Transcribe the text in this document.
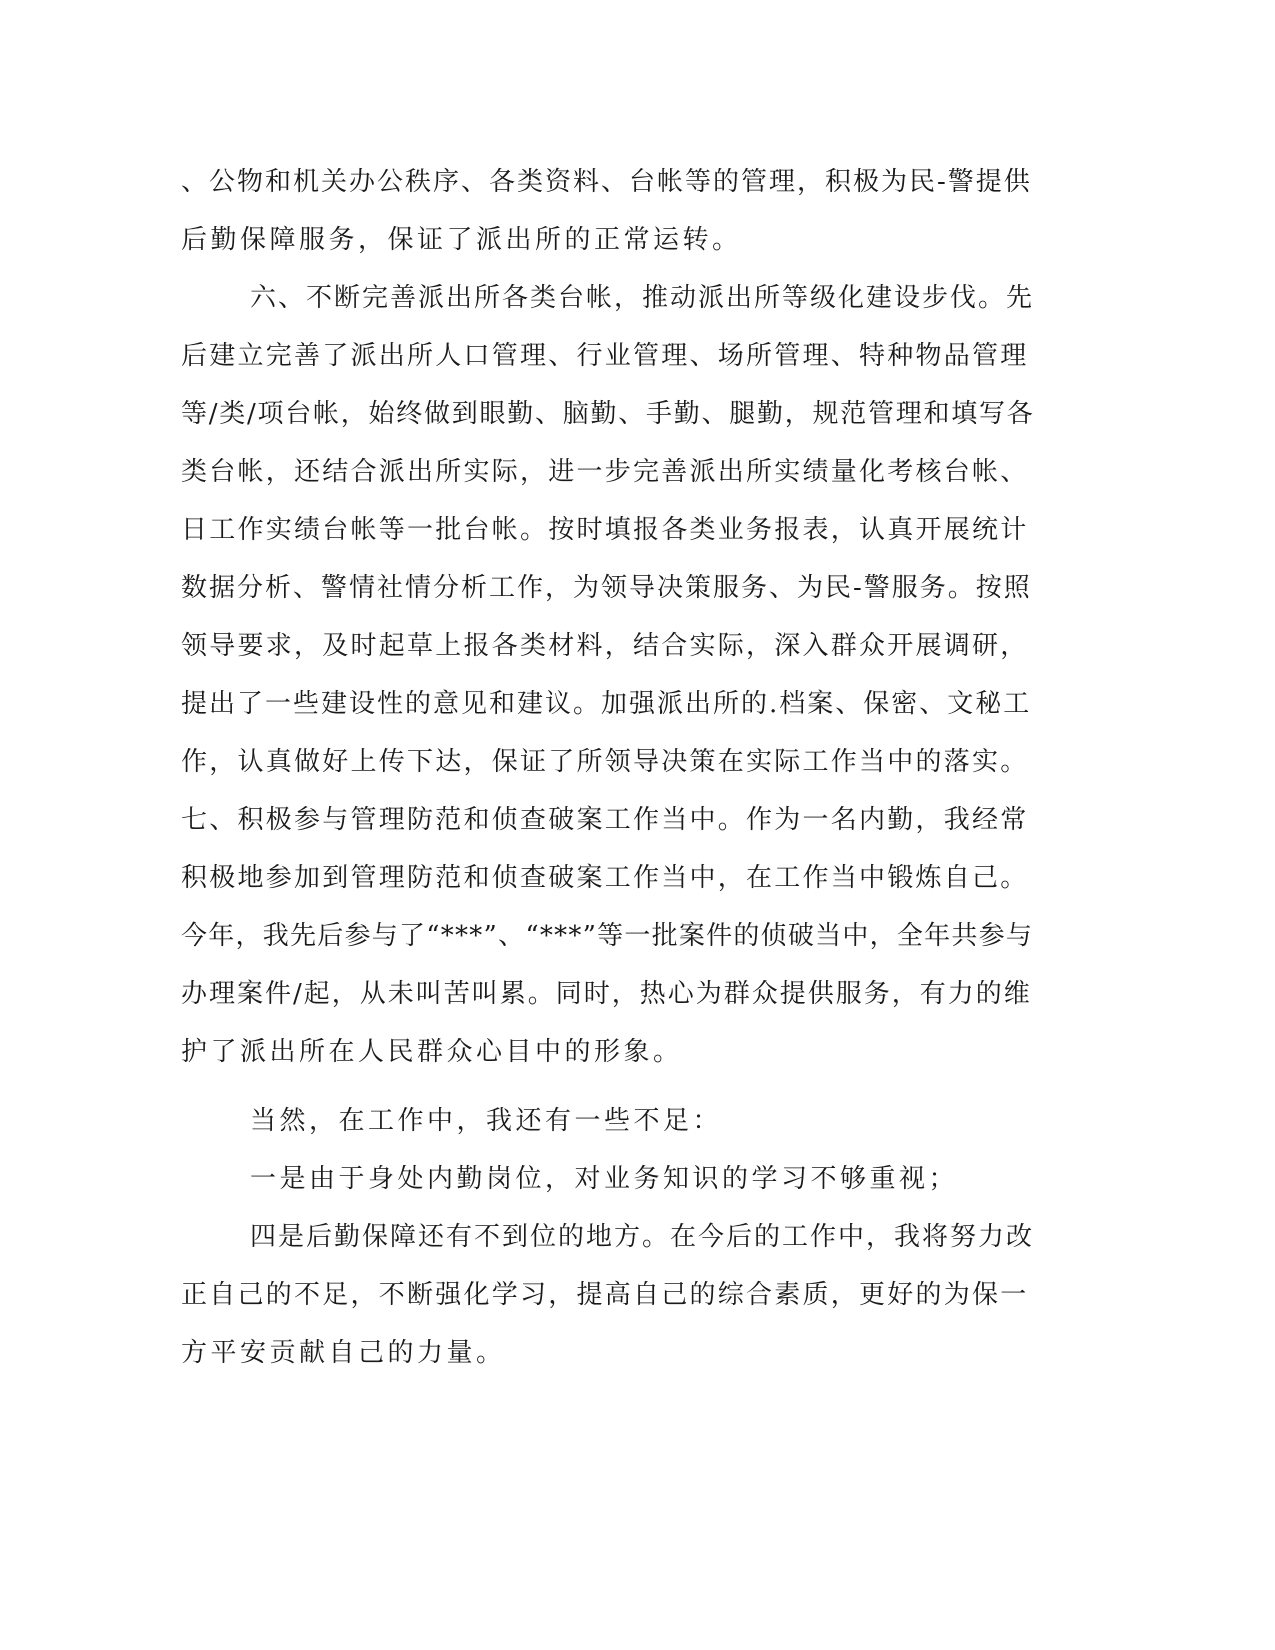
、公物和机关办公秩序、各类资料、台帐等的管理，积极为民-警提供
后勤保障服务，保证了派出所的正常运转。
六、不断完善派出所各类台帐，推动派出所等级化建设步伐。先
后建立完善了派出所人口管理、行业管理、场所管理、特种物品管理
等/类/项台帐，始终做到眼勤、脑勤、手勤、腿勤，规范管理和填写各
类台帐，还结合派出所实际，进一步完善派出所实绩量化考核台帐、
日工作实绩台帐等一批台帐。按时填报各类业务报表，认真开展统计
数据分析、警情社情分析工作，为领导决策服务、为民-警服务。按照
领导要求，及时起草上报各类材料，结合实际，深入群众开展调研，
提出了一些建设性的意见和建议。加强派出所的.档案、保密、文秘工
作，认真做好上传下达，保证了所领导决策在实际工作当中的落实。
七、积极参与管理防范和侦查破案工作当中。作为一名内勤，我经常
积极地参加到管理防范和侦查破案工作当中，在工作当中锻炼自己。
今年，我先后参与了“***”、“***”等一批案件的侦破当中，全年共参与
办理案件/起，从未叫苦叫累。同时，热心为群众提供服务，有力的维
护了派出所在人民群众心目中的形象。
当然，在工作中，我还有一些不足：
一是由于身处内勤岗位，对业务知识的学习不够重视；
四是后勤保障还有不到位的地方。在今后的工作中，我将努力改
正自己的不足，不断强化学习，提高自己的综合素质，更好的为保一
方平安贡献自己的力量。
